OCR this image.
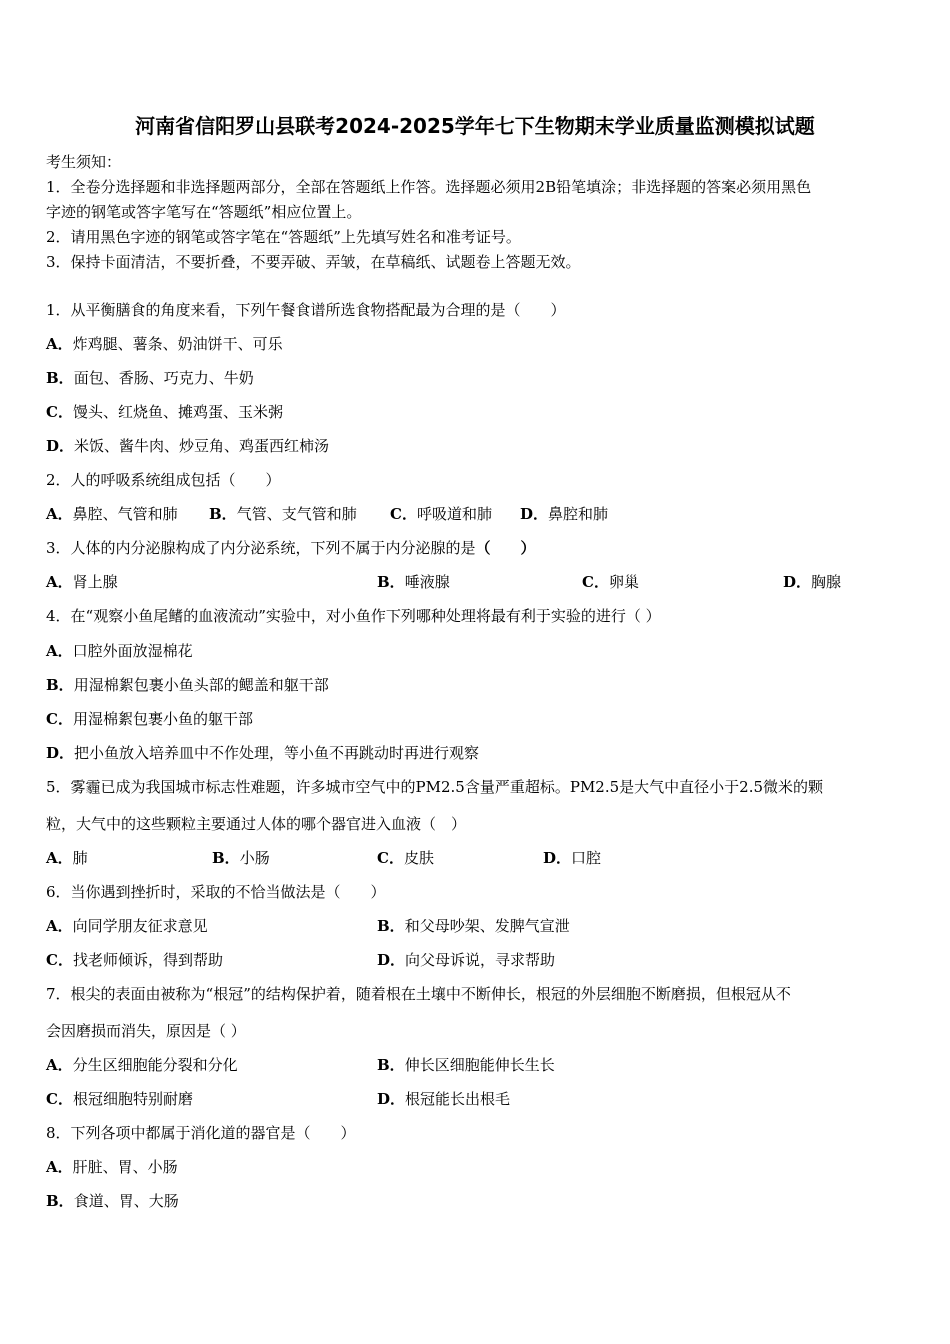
河南省信阳罗山县联考2024-2025学年七下生物期末学业质量监测模拟试题
考生须知：
1．全卷分选择题和非选择题两部分，全部在答题纸上作答。选择题必须用2B铅笔填涂；非选择题的答案必须用黑色
字迹的钢笔或答字笔写在“答题纸”相应位置上。
2．请用黑色字迹的钢笔或答字笔在“答题纸”上先填写姓名和准考证号。
3．保持卡面清洁，不要折叠，不要弄破、弄皱，在草稿纸、试题卷上答题无效。
1．从平衡膳食的角度来看，下列午餐食谱所选食物搭配最为合理的是（　　）
A．炸鸡腿、薯条、奶油饼干、可乐
B．面包、香肠、巧克力、牛奶
C．馒头、红烧鱼、摊鸡蛋、玉米粥
D．米饭、酱牛肉、炒豆角、鸡蛋西红柿汤
2．人的呼吸系统组成包括（　　）
A．鼻腔、气管和肺 B．气管、支气管和肺 C．呼吸道和肺 D．鼻腔和肺
3．人体的内分泌腺构成了内分泌系统，下列不属于内分泌腺的是（　　）
A．肾上腺	B．唾液腺	C．卵巢	D．胸腺
4．在“观察小鱼尾鳍的血液流动”实验中，对小鱼作下列哪种处理将最有利于实验的进行（ ）
A．口腔外面放湿棉花
B．用湿棉絮包裹小鱼头部的鳃盖和躯干部
C．用湿棉絮包裹小鱼的躯干部
D．把小鱼放入培养皿中不作处理，等小鱼不再跳动时再进行观察
5．雾霾已成为我国城市标志性难题，许多城市空气中的PM2.5含量严重超标。PM2.5是大气中直径小于2.5微米的颗
粒，大气中的这些颗粒主要通过人体的哪个器官进入血液（　）
A．肺	B．小肠	C．皮肤	D．口腔
6．当你遇到挫折时，采取的不恰当做法是（　　）
A．向同学朋友征求意见	B．和父母吵架、发脾气宣泄
C．找老师倾诉，得到帮助	D．向父母诉说，寻求帮助
7．根尖的表面由被称为“根冠”的结构保护着，随着根在土壤中不断伸长，根冠的外层细胞不断磨损，但根冠从不
会因磨损而消失，原因是（ ）
A．分生区细胞能分裂和分化	B．伸长区细胞能伸长生长
C．根冠细胞特别耐磨	D．根冠能长出根毛
8．下列各项中都属于消化道的器官是（　　）
A．肝脏、胃、小肠
B．食道、胃、大肠
